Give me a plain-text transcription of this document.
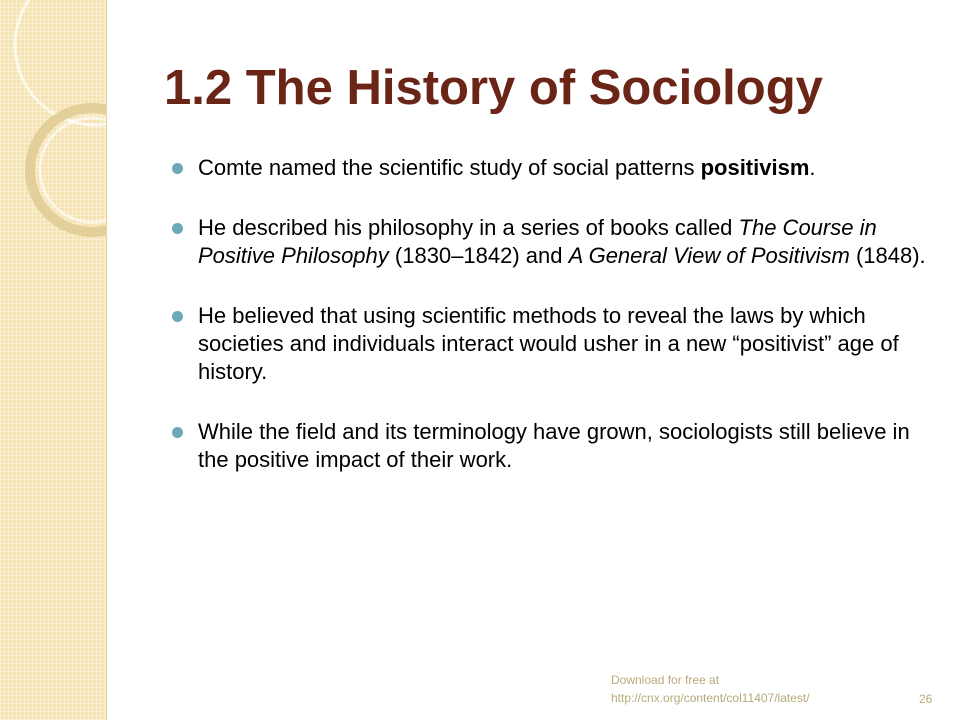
1.2 The History of Sociology
Comte named the scientific study of social patterns positivism.
He described his philosophy in a series of books called The Course in Positive Philosophy (1830–1842) and A General View of Positivism (1848).
He believed that using scientific methods to reveal the laws by which societies and individuals interact would usher in a new “positivist” age of history.
While the field and its terminology have grown, sociologists still believe in the positive impact of their work.
Download for free at
http://cnx.org/content/col11407/latest/	26
